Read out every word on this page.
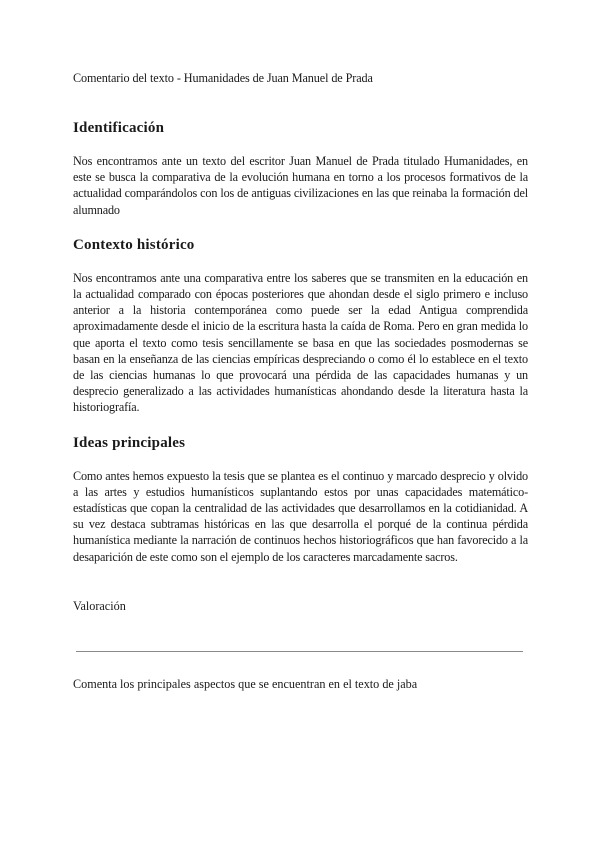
Comentario del texto - Humanidades de Juan Manuel de Prada

Identificación

Nos encontramos ante un texto del escritor Juan Manuel de Prada titulado Humanidades, en este se busca la comparativa de la evolución humana en torno a los procesos formativos de la actualidad comparándolos con los de antiguas civilizaciones en las que reinaba la formación del alumnado

Contexto histórico

Nos encontramos ante una comparativa entre los saberes que se transmiten en la educación en la actualidad comparado con épocas posteriores que ahondan desde el siglo primero e incluso anterior a la historia contemporánea como puede ser la edad Antigua comprendida aproximadamente desde el inicio de la escritura hasta la caída de Roma. Pero en gran medida lo que aporta el texto como tesis sencillamente se basa en que las sociedades posmodernas se basan en la enseñanza de las ciencias empíricas despreciando o como él lo establece en el texto de las ciencias humanas lo que provocará una pérdida de las capacidades humanas y un desprecio generalizado a las actividades humanísticas ahondando desde la literatura hasta la historiografía.

Ideas principales

Como antes hemos expuesto la tesis que se plantea es el continuo y marcado desprecio y olvido a las artes y estudios humanísticos suplantando estos por unas capacidades matemático-estadísticas que copan la centralidad de las actividades que desarrollamos en la cotidianidad. A su vez destaca subtramas históricas en las que desarrolla el porqué de la continua pérdida humanística mediante la narración de continuos hechos historiográficos que han favorecido a la desaparición de este como son el ejemplo de los caracteres marcadamente sacros.

Valoración

Comenta los principales aspectos que se encuentran en el texto de jaba
